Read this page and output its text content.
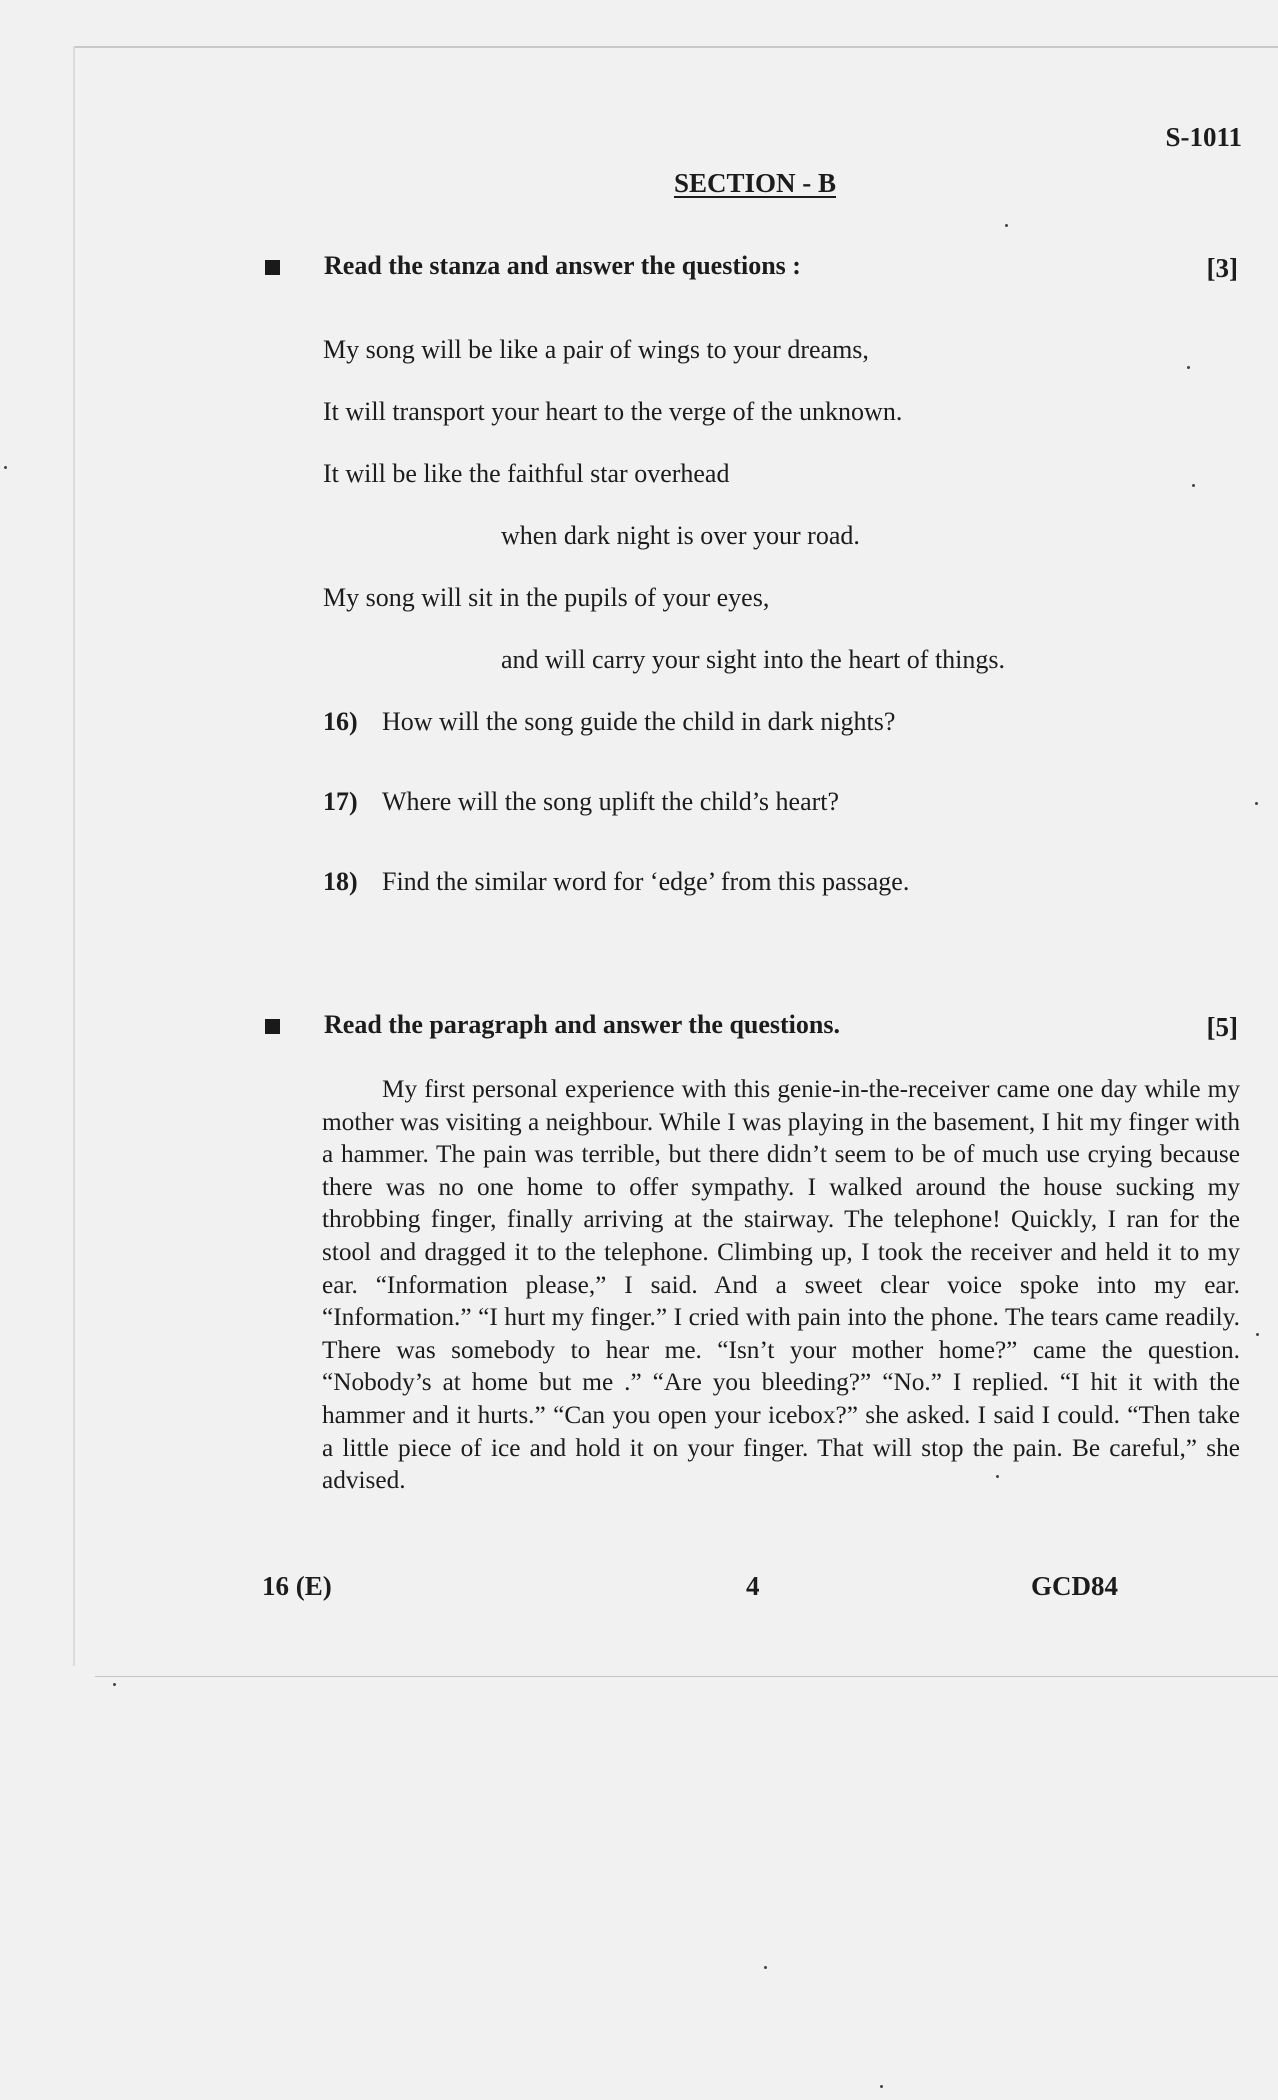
S-1011
SECTION - B
Read the stanza and answer the questions :	[3]
My song will be like a pair of wings to your dreams,
It will transport your heart to the verge of the unknown.
It will be like the faithful star overhead
when dark night is over your road.
My song will sit in the pupils of your eyes,
and will carry your sight into the heart of things.
16) How will the song guide the child in dark nights?
17) Where will the song uplift the child’s heart?
18) Find the similar word for ‘edge’ from this passage.
Read the paragraph and answer the questions.	[5]

My first personal experience with this genie-in-the-receiver came one day while my mother was visiting a neighbour. While I was playing in the basement, I hit my finger with a hammer. The pain was terrible, but there didn’t seem to be of much use crying because there was no one home to offer sympathy. I walked around the house sucking my throbbing finger, finally arriving at the stairway. The telephone! Quickly, I ran for the stool and dragged it to the telephone. Climbing up, I took the receiver and held it to my ear. “Information please,” I said. And a sweet clear voice spoke into my ear. “Information.” “I hurt my finger.” I cried with pain into the phone. The tears came readily. There was somebody to hear me. “Isn’t your mother home?” came the question. “Nobody’s at home but me .” “Are you bleeding?” “No.” I replied. “I hit it with the hammer and it hurts.” “Can you open your icebox?” she asked. I said I could. “Then take a little piece of ice and hold it on your finger. That will stop the pain. Be careful,” she advised.

16 (E)	4	GCD84
